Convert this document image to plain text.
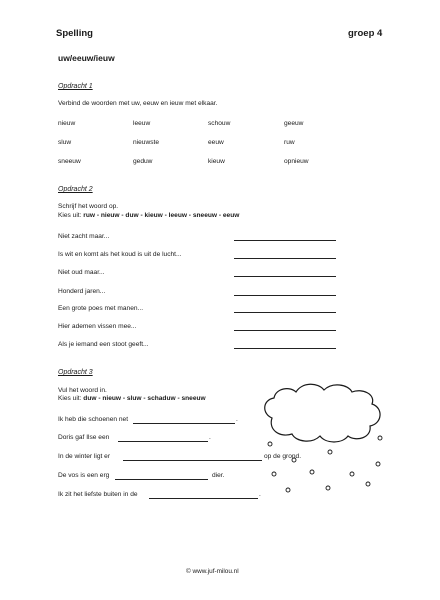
Spelling	groep 4
uw/eeuw/ieuw
Opdracht 1
Verbind de woorden met uw, eeuw en ieuw met elkaar.
nieuw	leeuw	schouw	geeuw
sluw	nieuwste	eeuw	ruw
sneeuw	geduw	kieuw	opnieuw
Opdracht 2
Schrijf het woord op.
Kies uit: ruw - nieuw - duw - kieuw - leeuw - sneeuw - eeuw
Niet zacht maar...
Is wit en komt als het koud is uit de lucht...
Niet oud maar...
Honderd jaren...
Een grote poes met manen...
Hier ademen vissen mee...
Als je iemand een stoot geeft...
Opdracht 3
Vul het woord in.
Kies uit: duw - nieuw - sluw - schaduw - sneeuw
Ik heb die schoenen net	.
Doris gaf Ilse een	.
In de winter ligt er	op de grond.
De vos is een erg	dier.
Ik zit het liefste buiten in de	.
© www.juf-milou.nl
